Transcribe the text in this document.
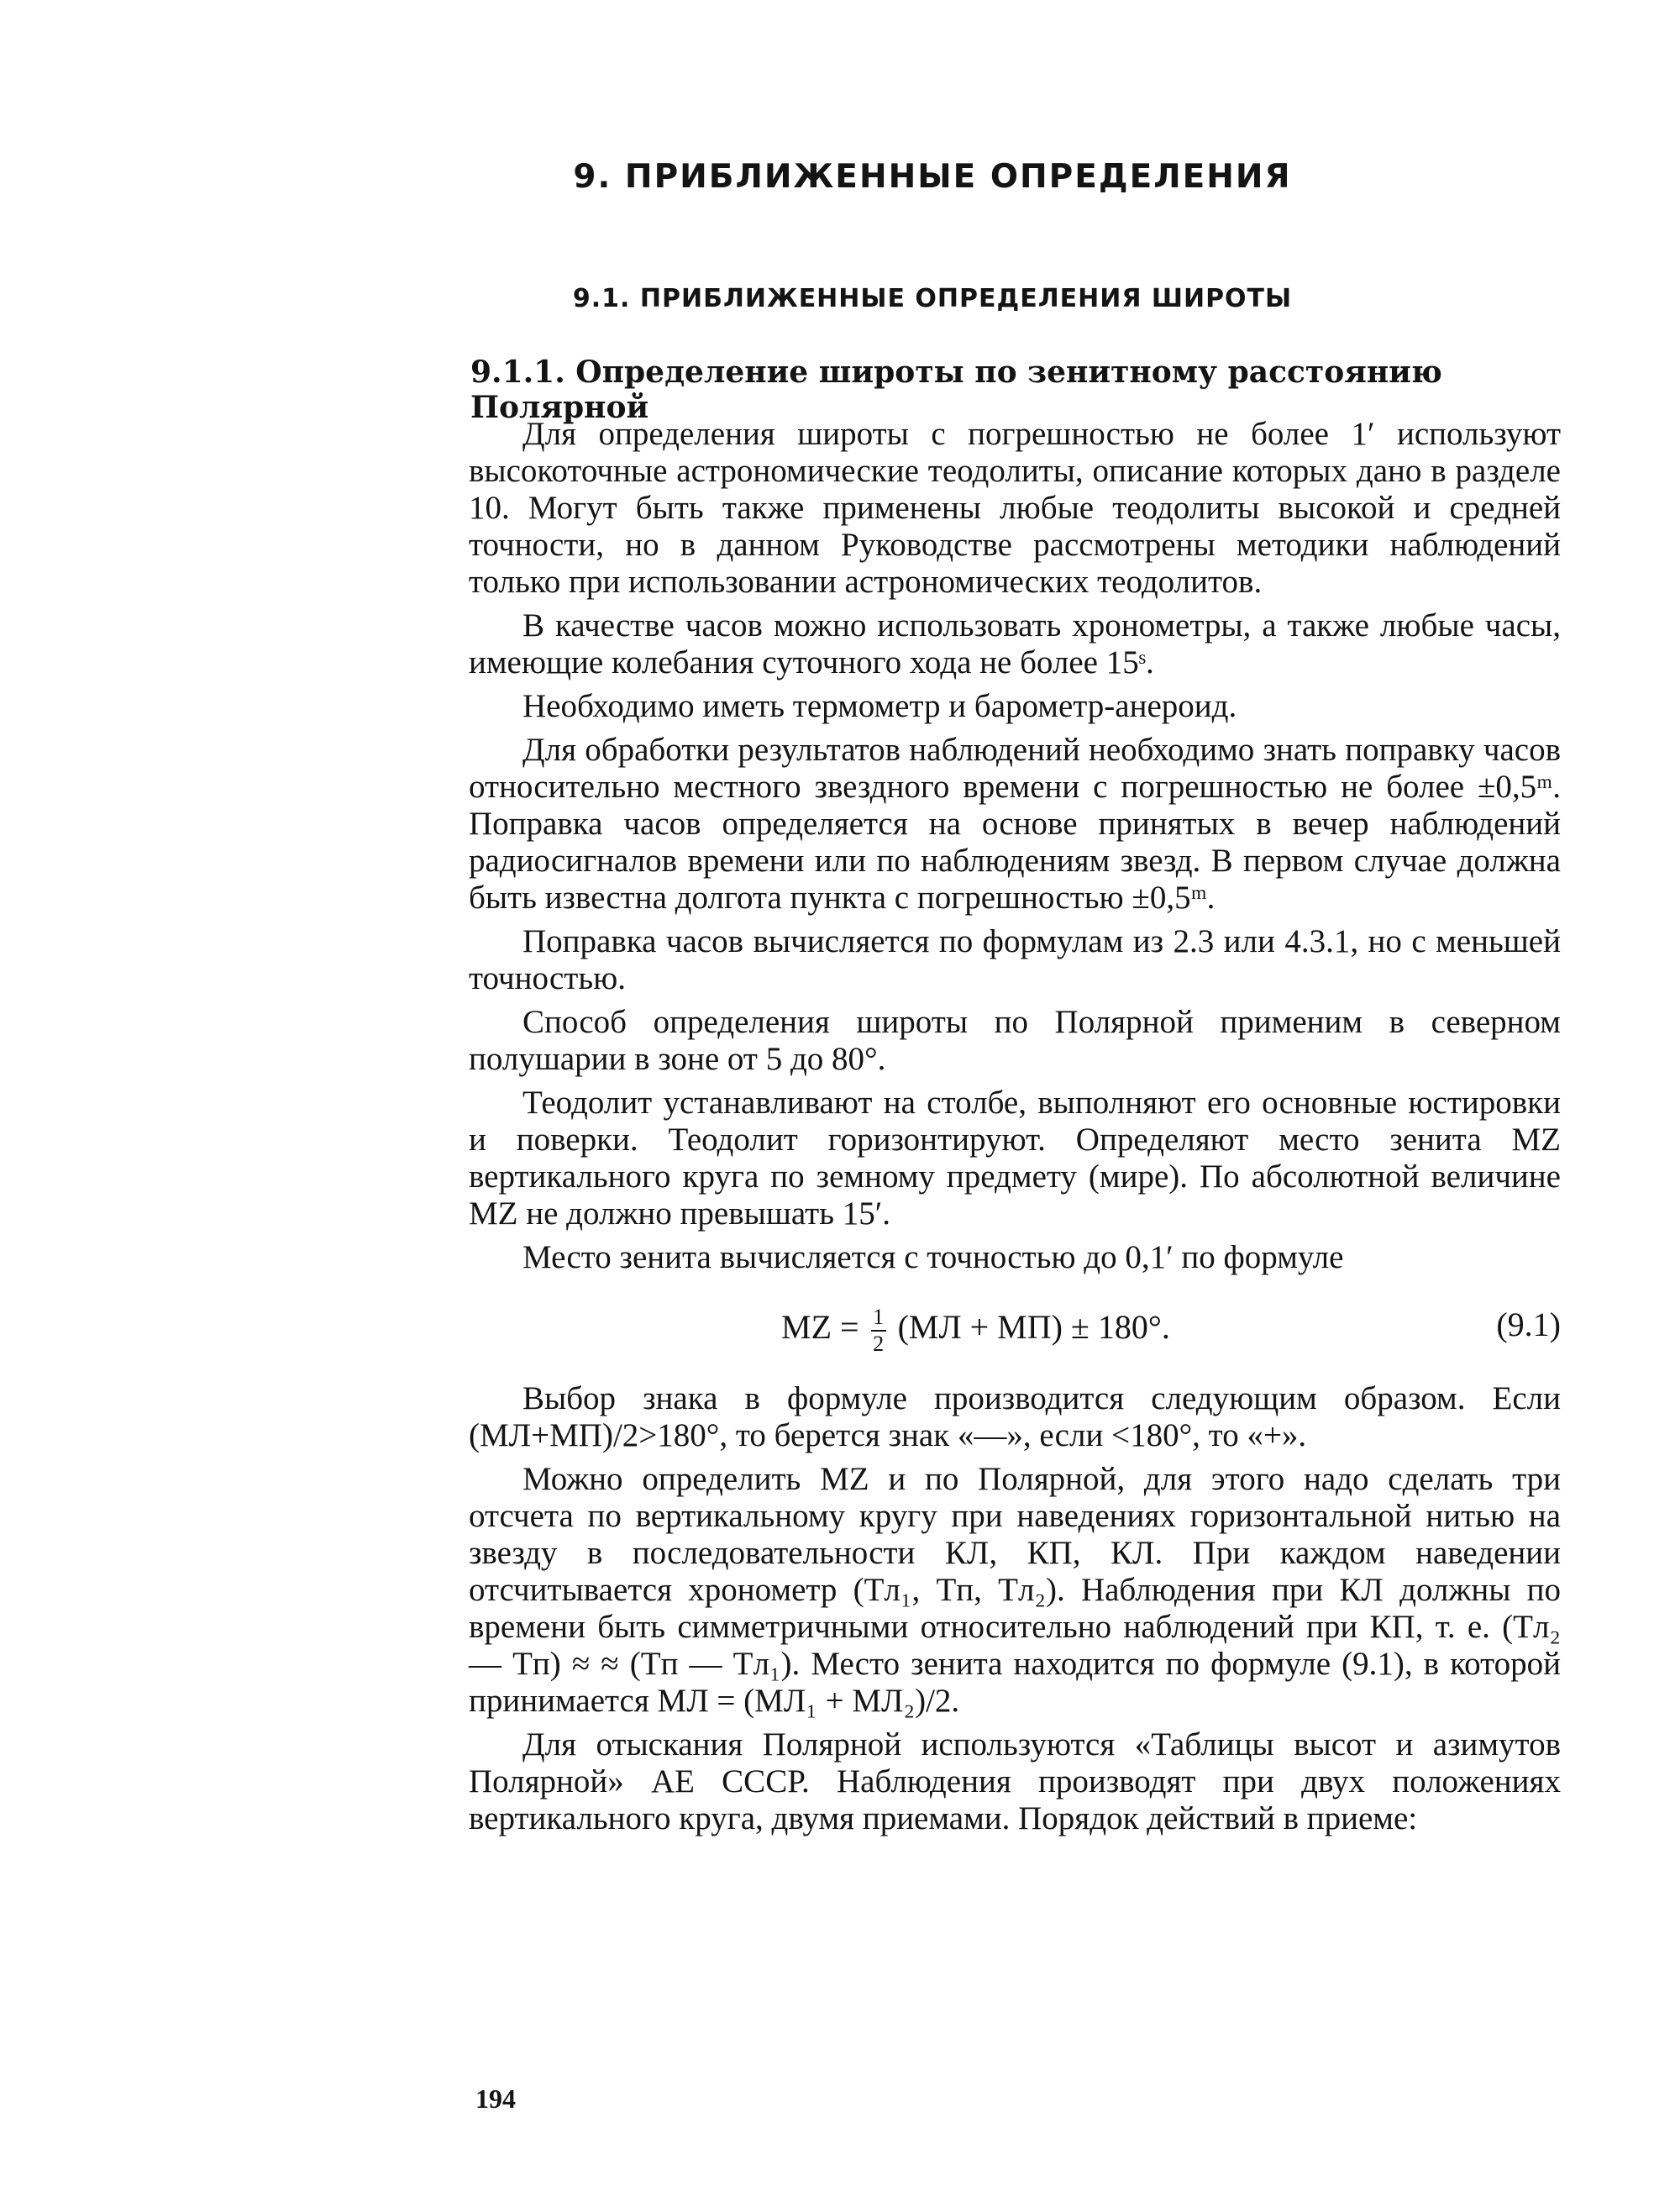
9. ПРИБЛИЖЕННЫЕ ОПРЕДЕЛЕНИЯ
9.1. ПРИБЛИЖЕННЫЕ ОПРЕДЕЛЕНИЯ ШИРОТЫ
9.1.1. Определение широты по зенитному расстоянию Полярной

Для определения широты с погрешностью не более 1′ используют высокоточные астрономические теодолиты, описание которых дано в разделе 10. Могут быть также применены любые теодолиты высокой и средней точности, но в данном Руководстве рассмотрены методики наблюдений только при использовании астрономических теодолитов.

В качестве часов можно использовать хронометры, а также любые часы, имеющие колебания суточного хода не более 15ˢ.

Необходимо иметь термометр и барометр-анероид.

Для обработки результатов наблюдений необходимо знать поправку часов относительно местного звездного времени с погрешностью не более ±0,5ᵐ. Поправка часов определяется на основе принятых в вечер наблюдений радиосигналов времени или по наблюдениям звезд. В первом случае должна быть известна долгота пункта с погрешностью ±0,5ᵐ.

Поправка часов вычисляется по формулам из 2.3 или 4.3.1, но с меньшей точностью.

Способ определения широты по Полярной применим в северном полушарии в зоне от 5 до 80°.

Теодолит устанавливают на столбе, выполняют его основные юстировки и поверки. Теодолит горизонтируют. Определяют место зенита MZ вертикального круга по земному предмету (мире). По абсолютной величине MZ не должно превышать 15′.

Место зенита вычисляется с точностью до 0,1′ по формуле

MZ = $\frac{1}{2} (МЛ + МП) \pm 180^\circ$.	(9.1)

Выбор знака в формуле производится следующим образом. Если (МЛ+МП)/2>180°, то берется знак «—», если <180°, то «+».

Можно определить MZ и по Полярной, для этого надо сделать три отсчета по вертикальному кругу при наведениях горизонтальной нитью на звезду в последовательности КЛ, КП, КЛ. При каждом наведении отсчитывается хронометр (Tл₁, Tп, Tл₂). Наблюдения при КЛ должны по времени быть симметричными относительно наблюдений при КП, т. е. (Tл₂ — Tп) ≈ ≈ (Tп — Tл₁). Место зенита находится по формуле (9.1), в которой принимается МЛ = (МЛ₁ + МЛ₂)/2.

Для отыскания Полярной используются «Таблицы высот и азимутов Полярной» АЕ СССР. Наблюдения производят при двух положениях вертикального круга, двумя приемами. Порядок действий в приеме:

194
